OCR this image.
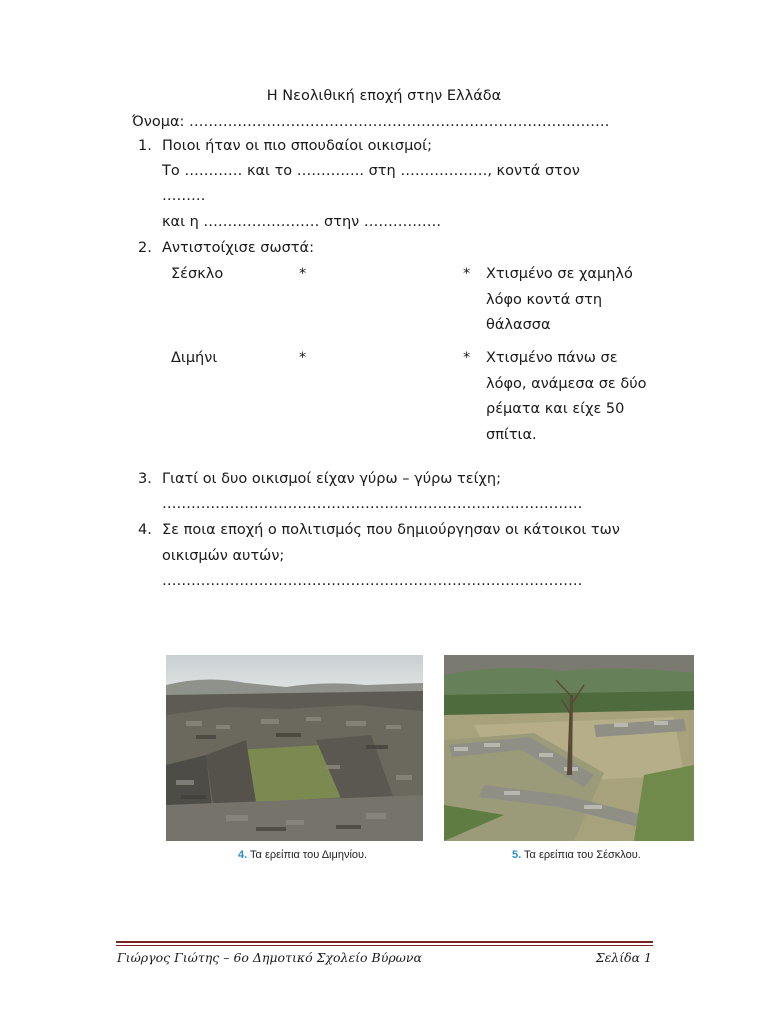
Η Νεολιθική εποχή στην Ελλάδα
Όνομα: ……………………………………………………………………………
1. Ποιοι ήταν οι πιο σπουδαίοι οικισμοί;
Το ………… και το ………….. στη ………………, κοντά στον
………
και η …………………… στην …………….
2. Αντιστοίχισε σωστά:
Σέσκλο	*	* Χτισμένο σε χαμηλό
λόφο κοντά στη
θάλασσα
Διμήνι	*	* Χτισμένο πάνω σε
λόφο, ανάμεσα σε δύο
ρέματα και είχε 50
σπίτια.
3. Γιατί οι δυο οικισμοί είχαν γύρω – γύρω τείχη;
……………………………………………………………………………
4. Σε ποια εποχή ο πολιτισμός που δημιούργησαν οι κάτοικοι των
οικισμών αυτών;
……………………………………………………………………………
4. Τα ερείπια του Διμηνίου.	5. Τα ερείπια του Σέσκλου.
Γιώργος Γιώτης – 6ο Δημοτικό Σχολείο Βύρωνα	Σελίδα 1
